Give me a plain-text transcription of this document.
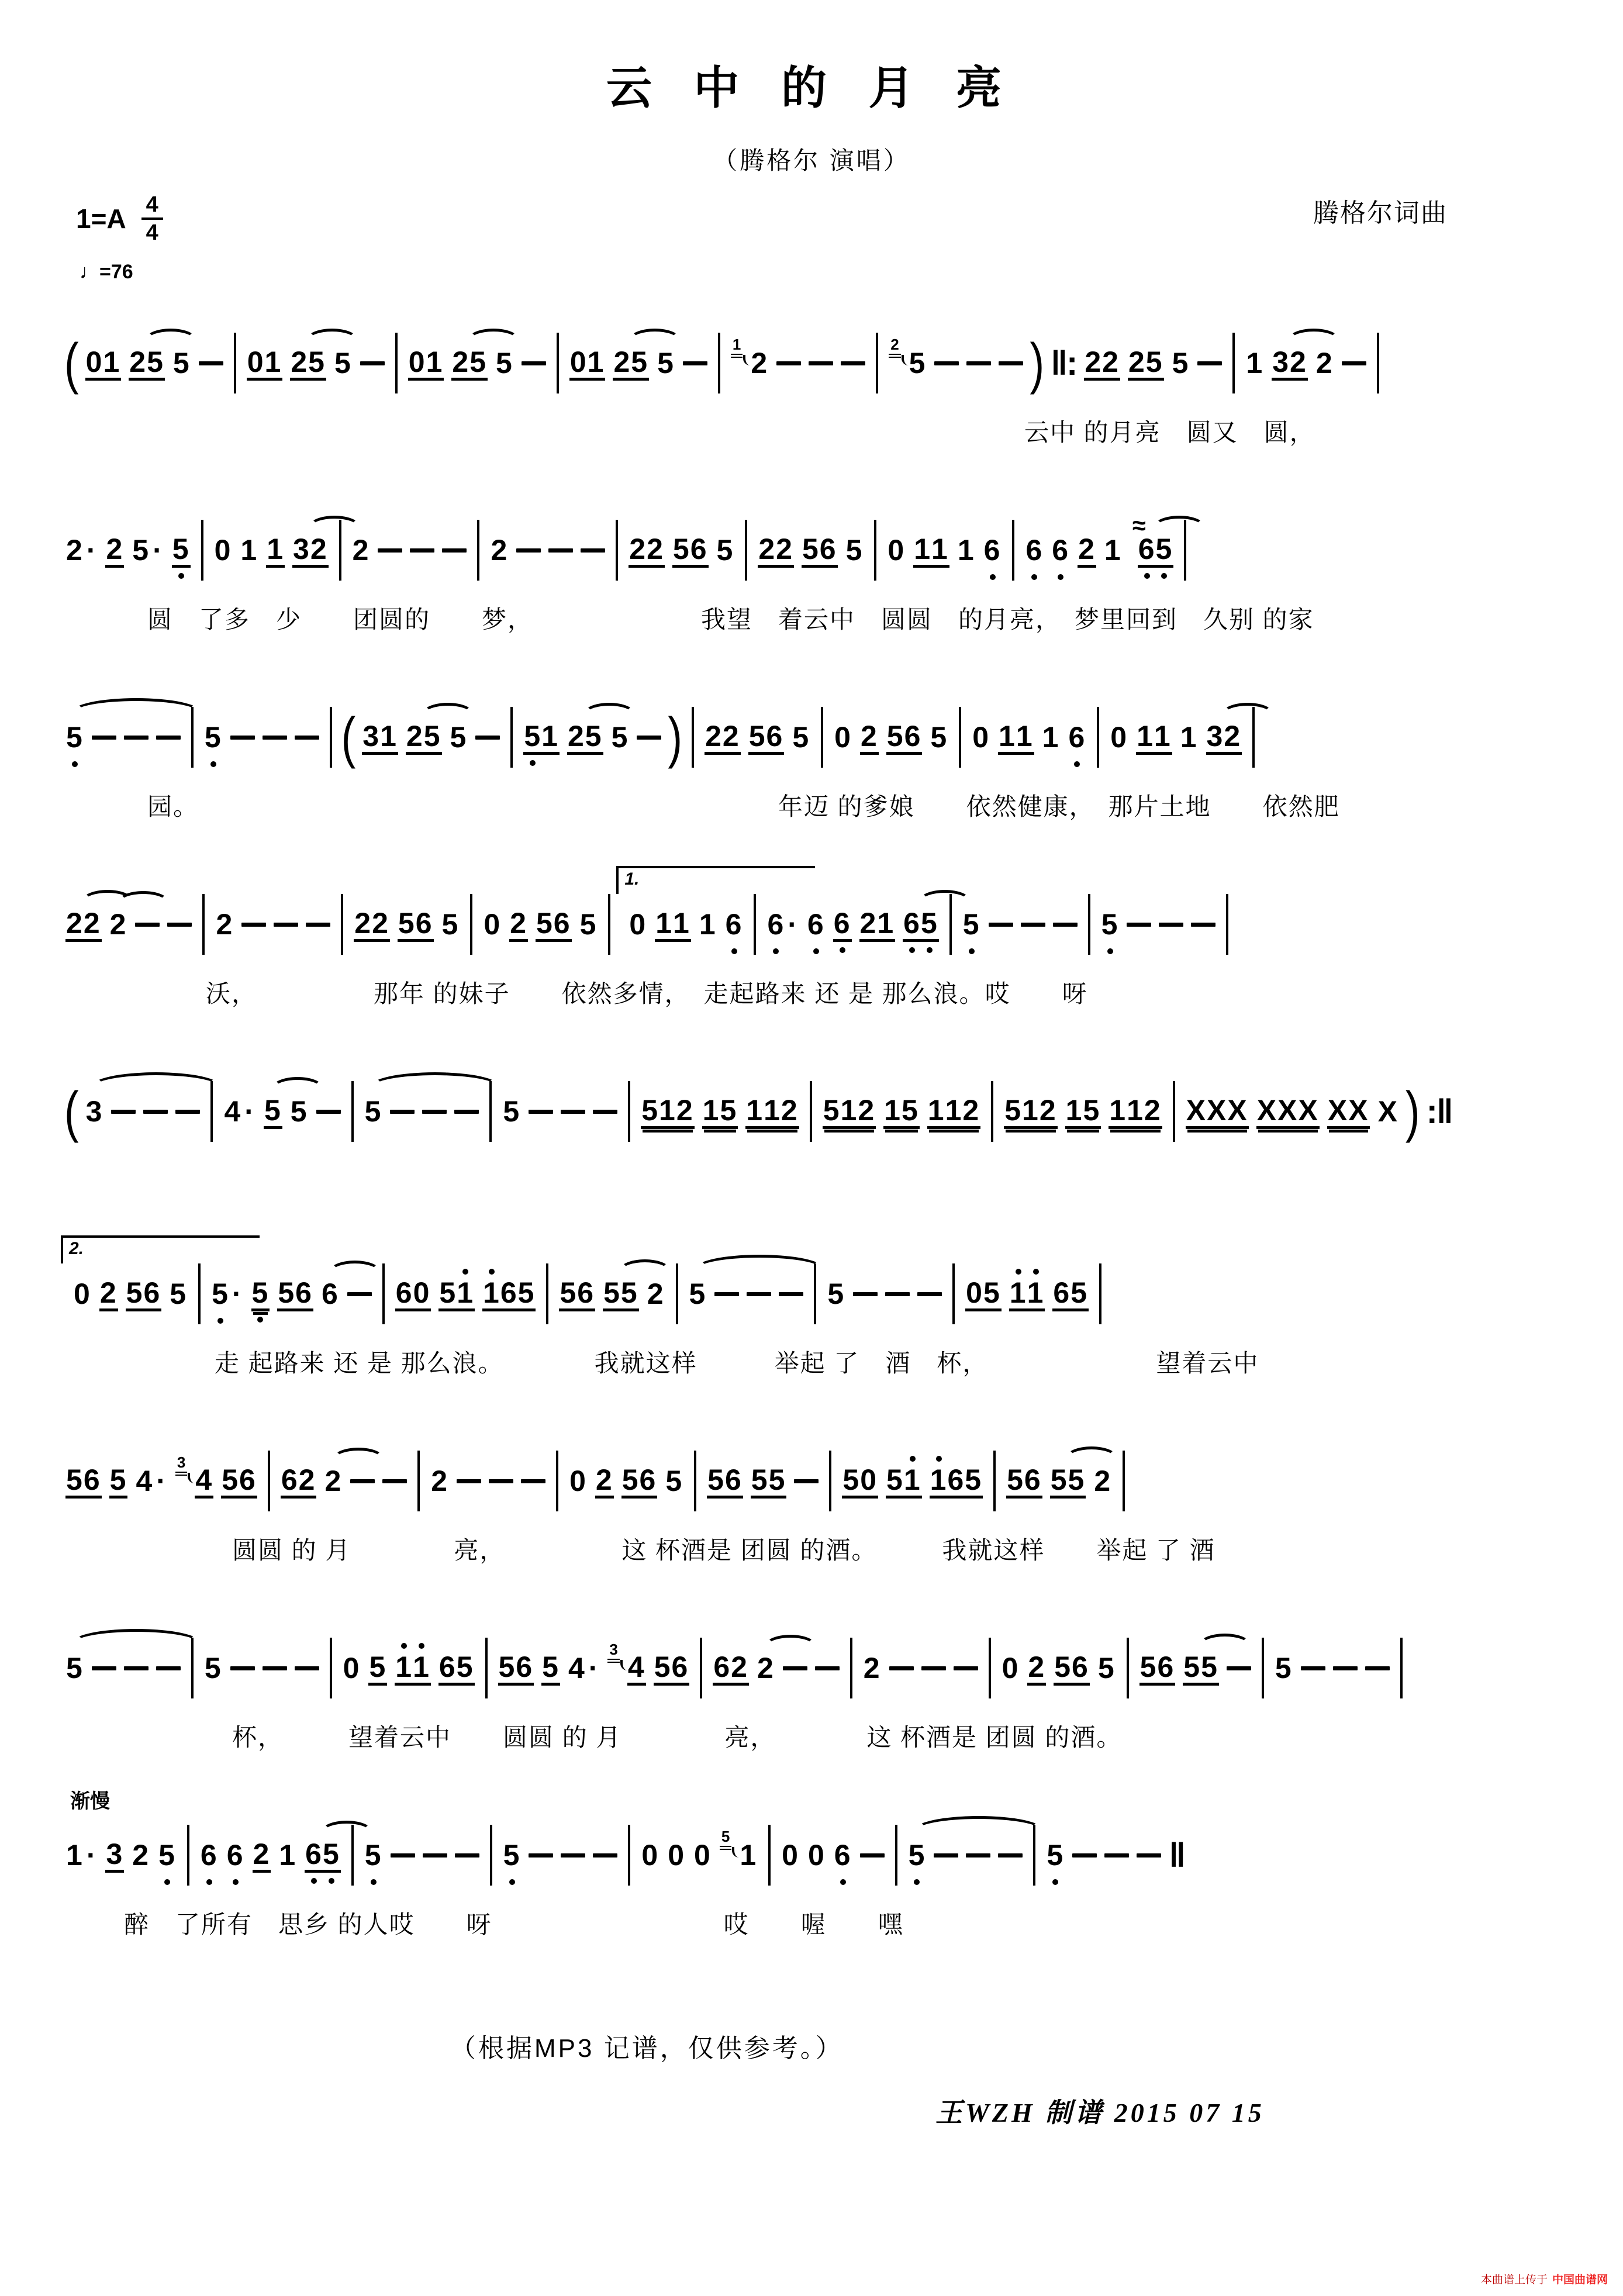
云 中 的 月 亮
（腾格尔 演唱）
$1=A \frac{4}{4}$	腾格尔词曲
♩=76
( 0 1 2 5 5 0 1 2 5 5 0 1 2 5 5 0 1 2 5 5
1
2
2
5 ) ‖: 2 2 2 5 5 1 3 2 2
云中 的月亮　圆又　圆，
2 · 2 5 · 5 0 1 1 3 2 2	2	2 2 5 6 5 2 2 5 6 5 0 1 1 1 6 6 6 2 1
≈
6 5
圆　了多　少　　团圆的　　梦，　　　　　　　我望　着云中　圆圆　的月亮，　梦里回到　久别 的家
5	5	( 3 1 2 5 5 5 1 2 5 5 ) 2 2 5 6 5 0 2 5 6 5 0 1 1 1 6 0 1 1 1 3 2
园。　　　　　　　　　　　　　　　　　　　　　　　年迈 的爹娘　　依然健康，　那片土地　　依然肥
2 2 2	2	2 2 5 6 5 0 2 5 6 5
1.
0 1 1 1 6 6 · 6 6 2 1 6 5 5	5
沃，　　　　　那年 的妹子　　依然多情，　走起路来 还 是 那么浪。哎　　呀
( 3	4 · 5 5 5	5	5 1 2 1 5 1 1 2 5 1 2 1 5 1 1 2 5 1 2 1 5 1 1 2 X X X X X X X X X ) :‖
2.
0 2 5 6 5 5 · 5 5 6 6 6 0 5 1 1 6 5 5 6 5 5 2 5	5	0 5 1 1 6 5
走 起路来 还 是 那么浪。　　　　我就这样　　　举起 了　酒　杯，　　　　　　　望着云中
5 6 5 4 ·
3
4 5 6 6 2 2	2	0 2 5 6 5 5 6 5 5 5 0 5 1 1 6 5 5 6 5 5 2
圆圆 的 月　　　　亮，　　　　　这 杯酒是 团圆 的酒。　　　我就这样　　举起 了 酒
5	5	0 5 1 1 6 5 5 6 5 4 ·
3
4 5 6 6 2 2	2	0 2 5 6 5 5 6 5 5 5
杯，　　　望着云中　　圆圆 的 月　　　　亮，　　　　这 杯酒是 团圆 的酒。
渐慢
1 · 3 2 5 6 6 2 1 6 5 5	5	0 0 0
5
1 0 0 6 5	5	‖
醉　了所有　思乡 的人哎　　呀　　　　　　　　　哎　　喔　　嘿
（根据MP3 记谱，仅供参考。）
王WZH 制谱 2015 07 15
本曲谱上传于 中国曲谱网
